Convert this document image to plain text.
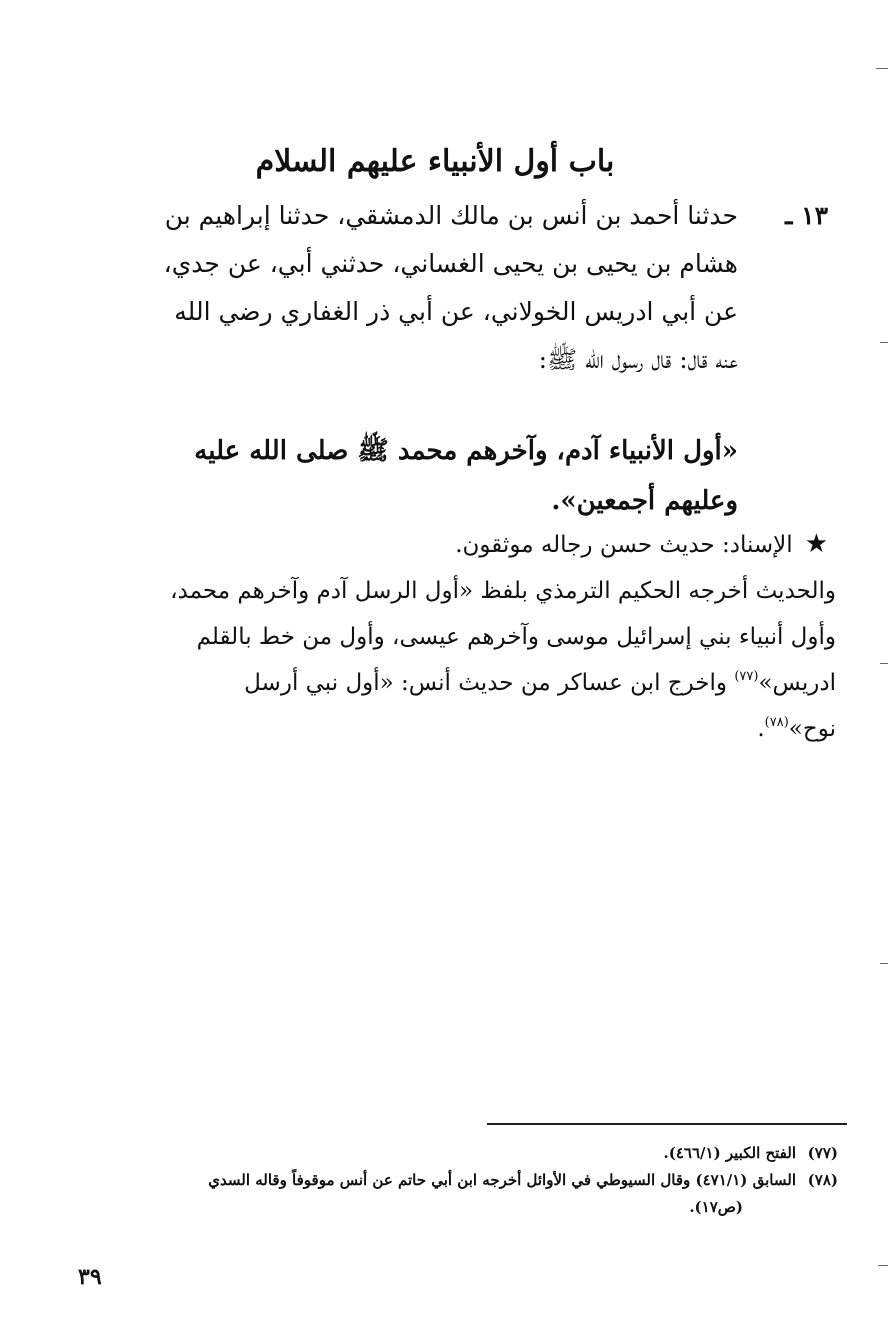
باب أول الأنبياء عليهم السلام
١٣ ـحدثنا أحمد بن أنس بن مالك الدمشقي، حدثنا إبراهيم بن
هشام بن يحيى بن يحيى الغساني، حدثني أبي، عن جدي،
عن أبي ادريس الخولاني، عن أبي ذر الغفاري رضي الله
عنه قال: قال رسول الله ﷺ:
«أول الأنبياء آدم، وآخرهم محمد ﷺ صلى الله عليه
وعليهم أجمعين».
★الإسناد: حديث حسن رجاله موثقون.
والحديث أخرجه الحكيم الترمذي بلفظ «أول الرسل آدم وآخرهم محمد،
وأول أنبياء بني إسرائيل موسى وآخرهم عيسى، وأول من خط بالقلم
ادريس»$^{(٧٧)}$ واخرج ابن عساكر من حديث أنس: «أول نبي أرسل
نوح»$^{(٧٨)}$.
(٧٧)الفتح الكبير (٤٦٦/١).
(٧٨)السابق (٤٧١/١) وقال السيوطي في الأوائل أخرجه ابن أبي حاتم عن أنس موقوفاً وقاله السدي
(ص١٧).
٣٩
